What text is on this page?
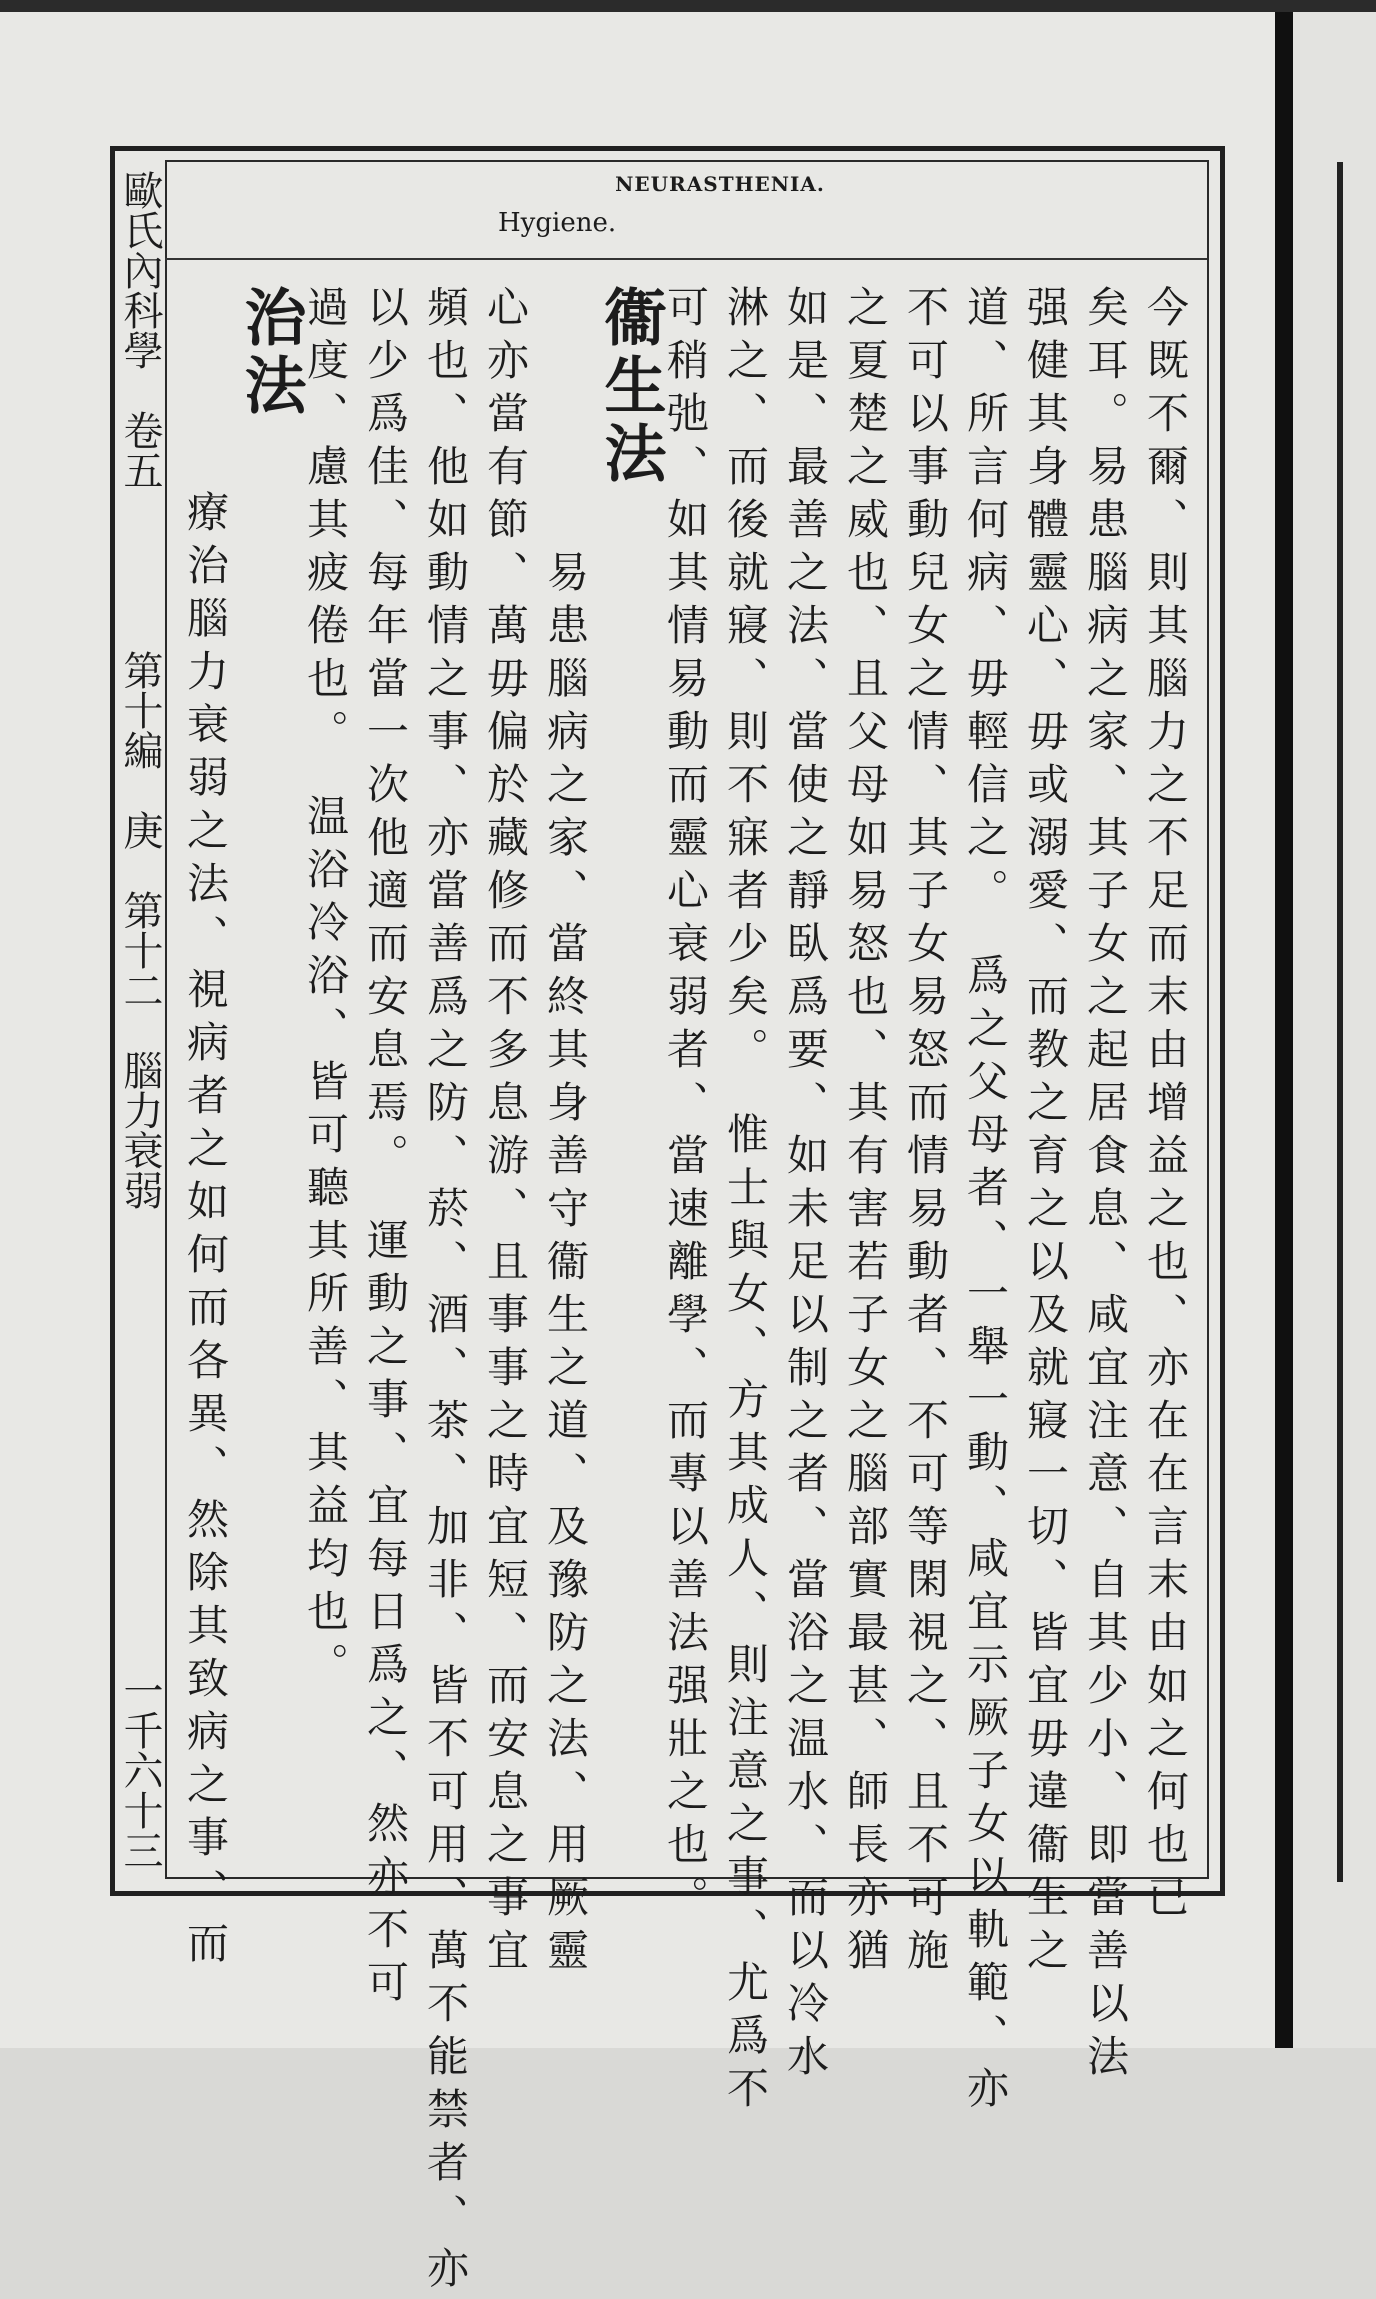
NEURASTHENIA.
Hygiene.
歐氏內科學　卷五
第十編　庚　第十二　腦力衰弱
一千六十三	今既不爾、則其腦力之不足而末由增益之也、亦在在言末由如之何也已
矣耳。易患腦病之家、其子女之起居食息、咸宜注意、自其少小、即當善以法
强健其身體靈心、毋或溺愛、而教之育之以及就寢一切、皆宜毋違衞生之
道、所言何病、毋輕信之。　爲之父母者、一舉一動、咸宜示厥子女以軌範、亦
不可以事動兒女之情、其子女易怒而情易動者、不可等閑視之、且不可施
之夏楚之威也、且父母如易怒也、其有害若子女之腦部實最甚、師長亦猶
如是、最善之法、當使之靜臥爲要、如未足以制之者、當浴之温水、而以冷水
淋之、而後就寢、則不寐者少矣。　惟士與女、方其成人、則注意之事、尤爲不
可稍弛、如其情易動而靈心衰弱者、當速離學、而專以善法强壯之也。
衞生法
易患腦病之家、當終其身善守衞生之道、及豫防之法、用厥靈
心亦當有節、萬毋偏於藏修而不多息游、且事事之時宜短、而安息之事宜
頻也、他如動情之事、亦當善爲之防、菸、酒、茶、加非、皆不可用、萬不能禁者、亦
以少爲佳、每年當一次他適而安息焉。　運動之事、宜每日爲之、然亦不可
過度、慮其疲倦也。　温浴冷浴、皆可聽其所善、其益均也。
治法
療治腦力衰弱之法、視病者之如何而各異、然除其致病之事、而
